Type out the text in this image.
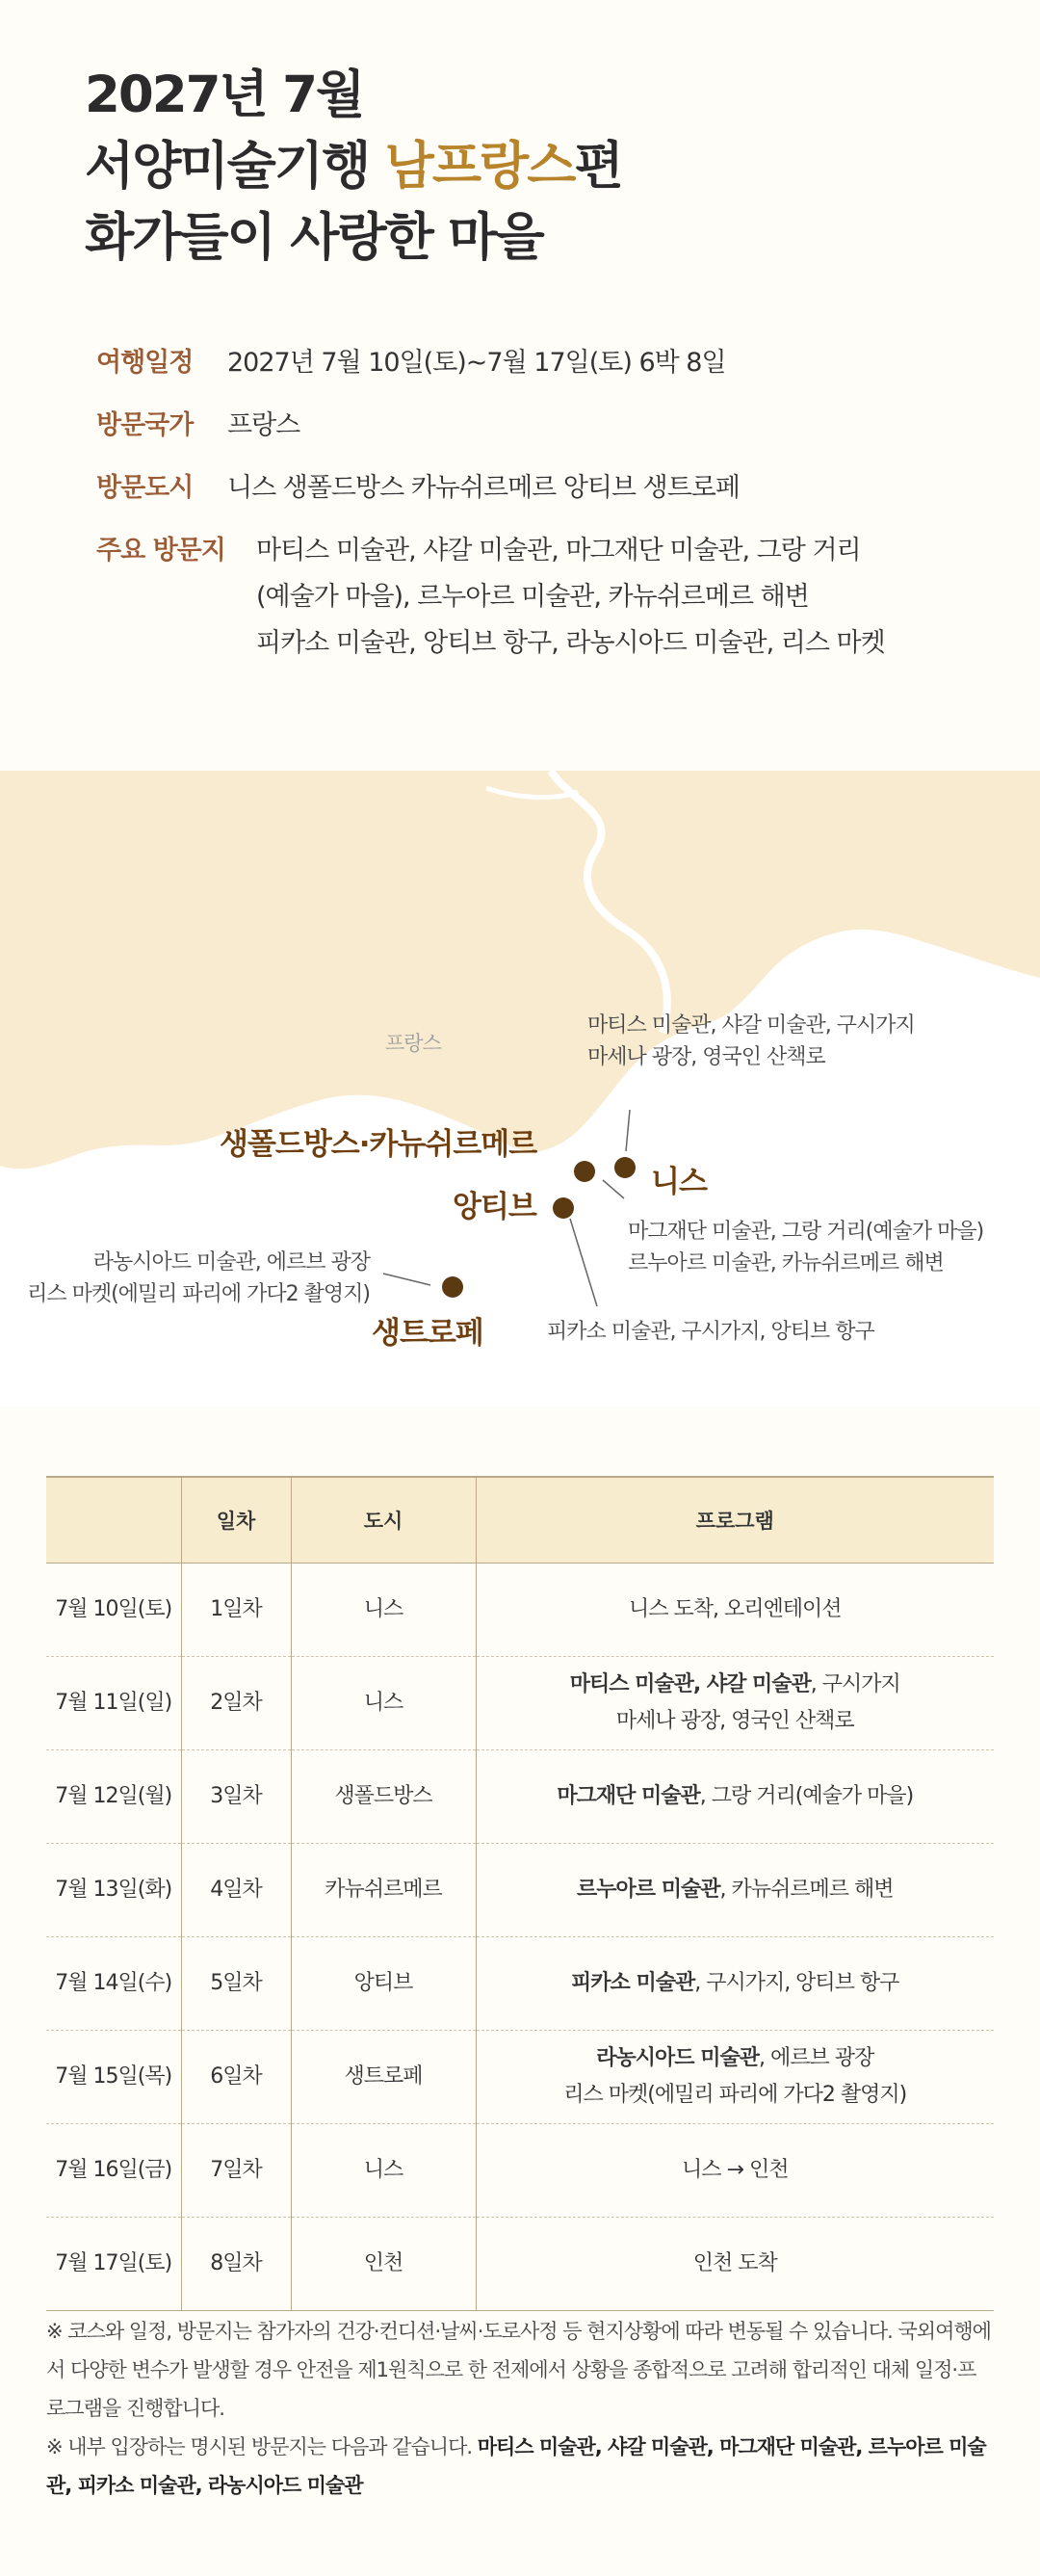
2027년 7월
서양미술기행 남프랑스편
화가들이 사랑한 마을
여행일정	2027년 7월 10일(토)~7월 17일(토) 6박 8일
방문국가	프랑스
방문도시	니스 생폴드방스 카뉴쉬르메르 앙티브 생트로페
주요 방문지	마티스 미술관, 샤갈 미술관, 마그재단 미술관, 그랑 거리
(예술가 마을), 르누아르 미술관, 카뉴쉬르메르 해변
피카소 미술관, 앙티브 항구, 라농시아드 미술관, 리스 마켓
프랑스
마티스 미술관, 샤갈 미술관, 구시가지
마세나 광장, 영국인 산책로
생폴드방스·카뉴쉬르메르
니스
앙티브
생트로페
마그재단 미술관, 그랑 거리(예술가 마을)
르누아르 미술관, 카뉴쉬르메르 해변
피카소 미술관, 구시가지, 앙티브 항구
라농시아드 미술관, 에르브 광장
리스 마켓(에밀리 파리에 가다2 촬영지)
	일차	도시	프로그램
7월 10일(토)	1일차	니스	니스 도착, 오리엔테이션

7월 11일(일)	2일차	니스	마티스 미술관, 샤갈 미술관, 구시가지
마세나 광장, 영국인 산책로

7월 12일(월)	3일차	생폴드방스	마그재단 미술관, 그랑 거리(예술가 마을)

7월 13일(화)	4일차	카뉴쉬르메르	르누아르 미술관, 카뉴쉬르메르 해변

7월 14일(수)	5일차	앙티브	피카소 미술관, 구시가지, 앙티브 항구

7월 15일(목)	6일차	생트로페	라농시아드 미술관, 에르브 광장
리스 마켓(에밀리 파리에 가다2 촬영지)

7월 16일(금)	7일차	니스	니스 → 인천

7월 17일(토)	8일차	인천	인천 도착
※ 코스와 일정, 방문지는 참가자의 건강·컨디션·날씨·도로사정 등 현지상황에 따라 변동될 수 있습니다. 국외여행에서 다양한 변수가 발생할 경우 안전을 제1원칙으로 한 전제에서 상황을 종합적으로 고려해 합리적인 대체 일정·프로그램을 진행합니다.
※ 내부 입장하는 명시된 방문지는 다음과 같습니다. 마티스 미술관, 샤갈 미술관, 마그재단 미술관, 르누아르 미술관, 피카소 미술관, 라농시아드 미술관
